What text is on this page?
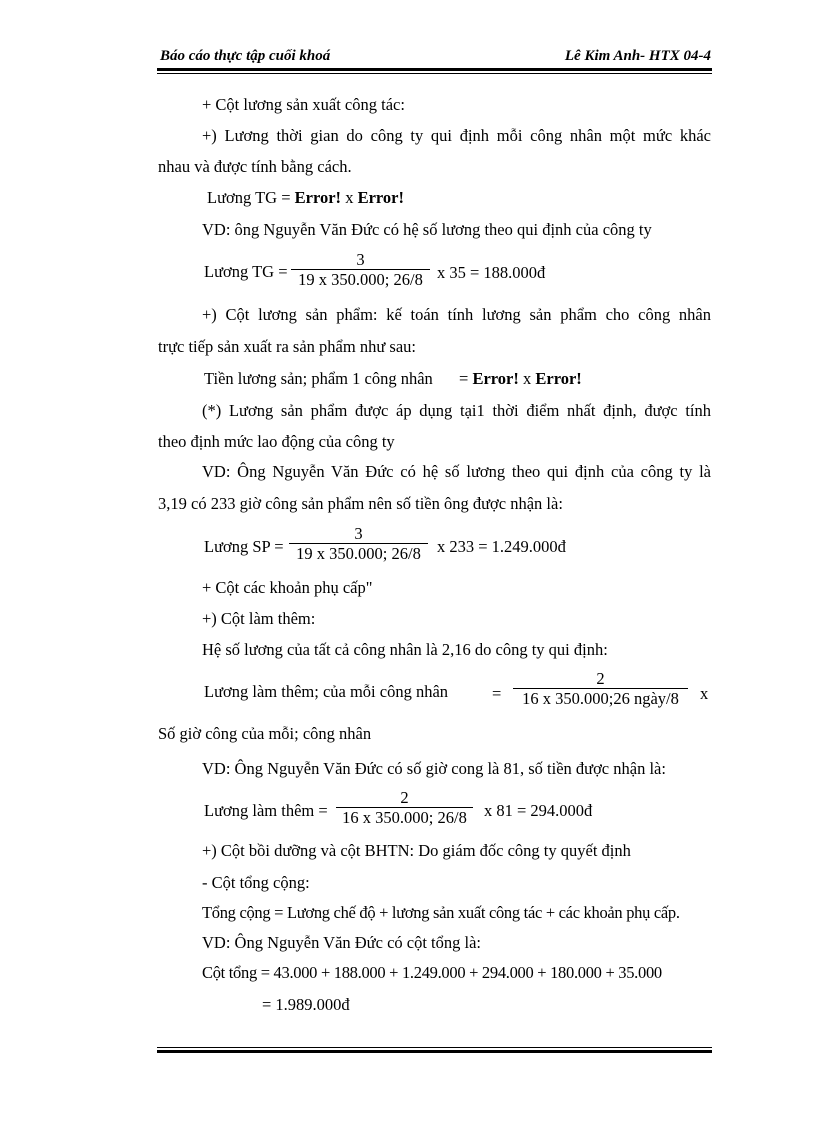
Báo cáo thực tập cuối khoá	Lê Kim Anh- HTX 04-4
+ Cột lương sản xuất công tác:
+) Lương thời gian do công ty qui định mỗi công nhân một mức khác
nhau và được tính bằng cách.
Lương TG = Error! x Error!
VD: ông Nguyễn Văn Đức có hệ số lương theo qui định của công ty
Lương TG =
3
19 x 350.000; 26/8 x 35 = 188.000đ
+) Cột lương sản phẩm: kế toán tính lương sản phẩm cho công nhân
trực tiếp sản xuất ra sản phẩm như sau:
Tiền lương sản; phẩm 1 công nhân = Error! x Error!
(*) Lương sản phẩm được áp dụng tại1 thời điểm nhất định, được tính
theo định mức lao động của công ty
VD: Ông Nguyễn Văn Đức có hệ số lương theo qui định của công ty là
3,19 có 233 giờ công sản phẩm nên số tiền ông được nhận là:
Lương SP =
3
19 x 350.000; 26/8 x 233 = 1.249.000đ
+ Cột các khoản phụ cấp"
+) Cột làm thêm:
Hệ số lương của tất cả công nhân là 2,16 do công ty qui định:
Lương làm thêm; của mỗi công nhân	=
2
16 x 350.000;26 ngày/8	x
Số giờ công của mỗi; công nhân
VD: Ông Nguyễn Văn Đức có số giờ cong là 81, số tiền được nhận là:
Lương làm thêm =
2
16 x 350.000; 26/8	x 81 = 294.000đ
+) Cột bồi dưỡng và cột BHTN: Do giám đốc công ty quyết định
- Cột tổng cộng:
Tổng cộng = Lương chế độ + lương sản xuất công tác + các khoản phụ cấp.
VD: Ông Nguyễn Văn Đức có cột tổng là:
Cột tổng = 43.000 + 188.000 + 1.249.000 + 294.000 + 180.000 + 35.000
= 1.989.000đ
